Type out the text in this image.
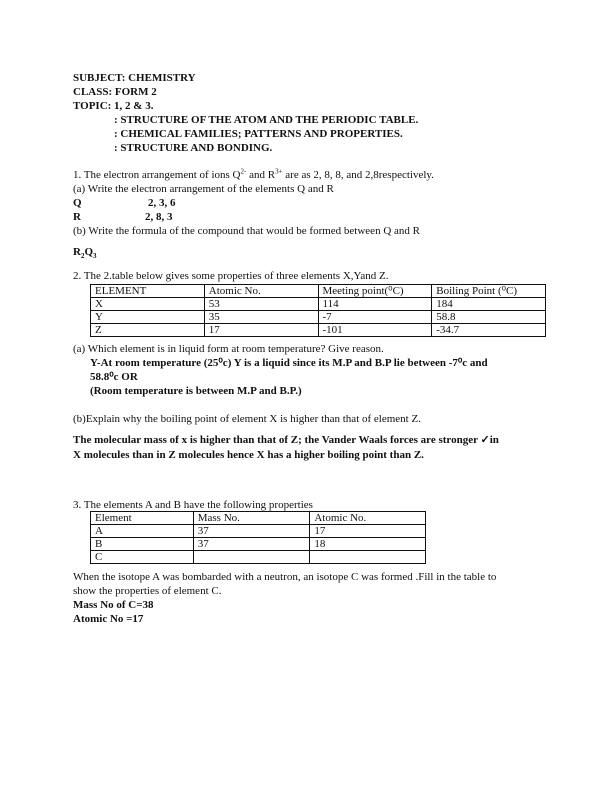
SUBJECT: CHEMISTRY
CLASS: FORM 2
TOPIC: 1, 2 & 3.
: STRUCTURE OF THE ATOM AND THE PERIODIC TABLE.
: CHEMICAL FAMILIES; PATTERNS AND PROPERTIES.
: STRUCTURE AND BONDING.
1. The electron arrangement of ions $Q^{2-}$ and $R^{3+}$ are as 2, 8, 8, and 2,8respectively.
(a) Write the electron arrangement of the elements Q and R
Q	2, 3, 6
R	2, 8, 3
(b) Write the formula of the compound that would be formed between Q and R
$R_2Q_3$
2. The 2.table below gives some properties of three elements X,Yand Z.
ELEMENT	Atomic No.	Meeting point(⁰C)	Boiling Point (⁰C)
X	53	114	184
Y	35	-7	58.8
Z	17	-101	-34.7
(a) Which element is in liquid form at room temperature? Give reason.
Y-At room temperature (25⁰c) Y is a liquid since its M.P and B.P lie between -7⁰c and
58.8⁰c OR
(Room temperature is between M.P and B.P.)
(b)Explain why the boiling point of element X is higher than that of element Z.
The molecular mass of x is higher than that of Z; the Vander Waals forces are stronger ✓in
X molecules than in Z molecules hence X has a higher boiling point than Z.
3. The elements A and B have the following properties
Element	Mass No.	Atomic No.
A	37	17
B	37	18
C		
When the isotope A was bombarded with a neutron, an isotope C was formed .Fill in the table to
show the properties of element C.
Mass No of C=38
Atomic No =17
